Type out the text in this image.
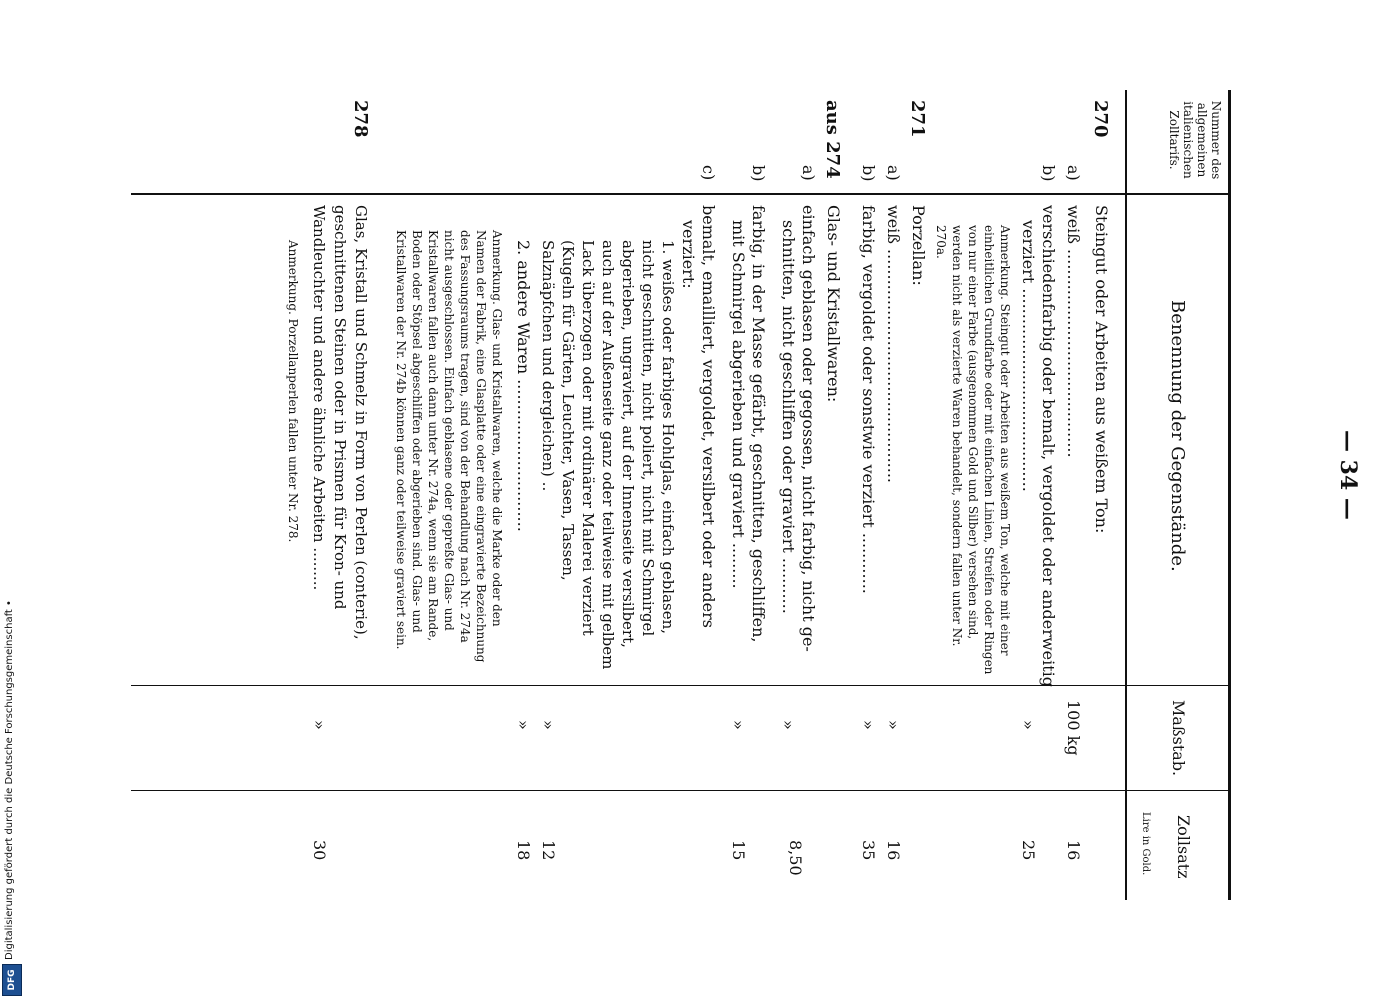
— 34 —
Nummer des allgemeinen italienischen Zolltarifs.
Benennung der Gegenstände.
Maßstab.
Zollsatz
Lire in Gold.
270
Steingut oder Arbeiten aus weißem Ton:
a)
weiß .........................................
100 kg
16
b)
verschiedenfarbig oder bemalt, vergoldet oder anderweitig
verziert ........................................
»
25
Anmerkung. Steingut oder Arbeiten aus weißem Ton, welche mit einer einheitlichen Grundfarbe oder mit einfachen Linien, Streifen oder Ringen von nur einer Farbe (ausgenommen Gold und Silber) versehen sind, werden nicht als verzierte Waren behandelt, sondern fallen unter Nr. 270a.
271
Porzellan:
a)
weiß ..............................................
»
16
b)
farbig, vergoldet oder sonstwie verziert ............
»
35
aus 274
Glas- und Kristallwaren:
a)
einfach geblasen oder gegossen, nicht farbig, nicht ge-
schnitten, nicht geschliffen oder graviert ...........
»
8,50
b)
farbig, in der Masse gefärbt, geschnitten, geschliffen,
mit Schmirgel abgerieben und graviert .........
»
15
c)
bemalt, emailliert, vergoldet, versilbert oder anders
verziert:
1. weißes oder farbiges Hohlglas, einfach geblasen, nicht geschnitten, nicht poliert, nicht mit Schmirgel abgerieben, ungraviert, auf der Innenseite versilbert, auch auf der Außenseite ganz oder teilweise mit gelbem Lack überzogen oder mit ordinärer Malerei verziert (Kugeln für Gärten, Leuchter, Vasen, Tassen, Salznäpfchen und dergleichen) ..
»
12
2. andere Waren ..............................
»
18
Anmerkung. Glas- und Kristallwaren, welche die Marke oder den Namen der Fabrik, eine Glasplatte oder eine eingravierte Bezeichnung des Fassungsraums tragen, sind von der Behandlung nach Nr. 274a nicht ausgeschlossen. Einfach geblasene oder gepreßte Glas- und Kristallwaren fallen auch dann unter Nr. 274a, wenn sie am Rande, Boden oder Stöpsel abgeschliffen oder abgerieben sind. Glas- und Kristallwaren der Nr. 274b können ganz oder teilweise graviert sein.
278
Glas, Kristall und Schmelz in Form von Perlen (conterie), geschnittenen Steinen oder in Prismen für Kron- und Wandleuchter und andere ähnliche Arbeiten .........
»
30
Anmerkung. Porzellanperlen fallen unter Nr. 278.
DFG
Digitalisierung gefördert durch die Deutsche Forschungsgemeinschaft •
